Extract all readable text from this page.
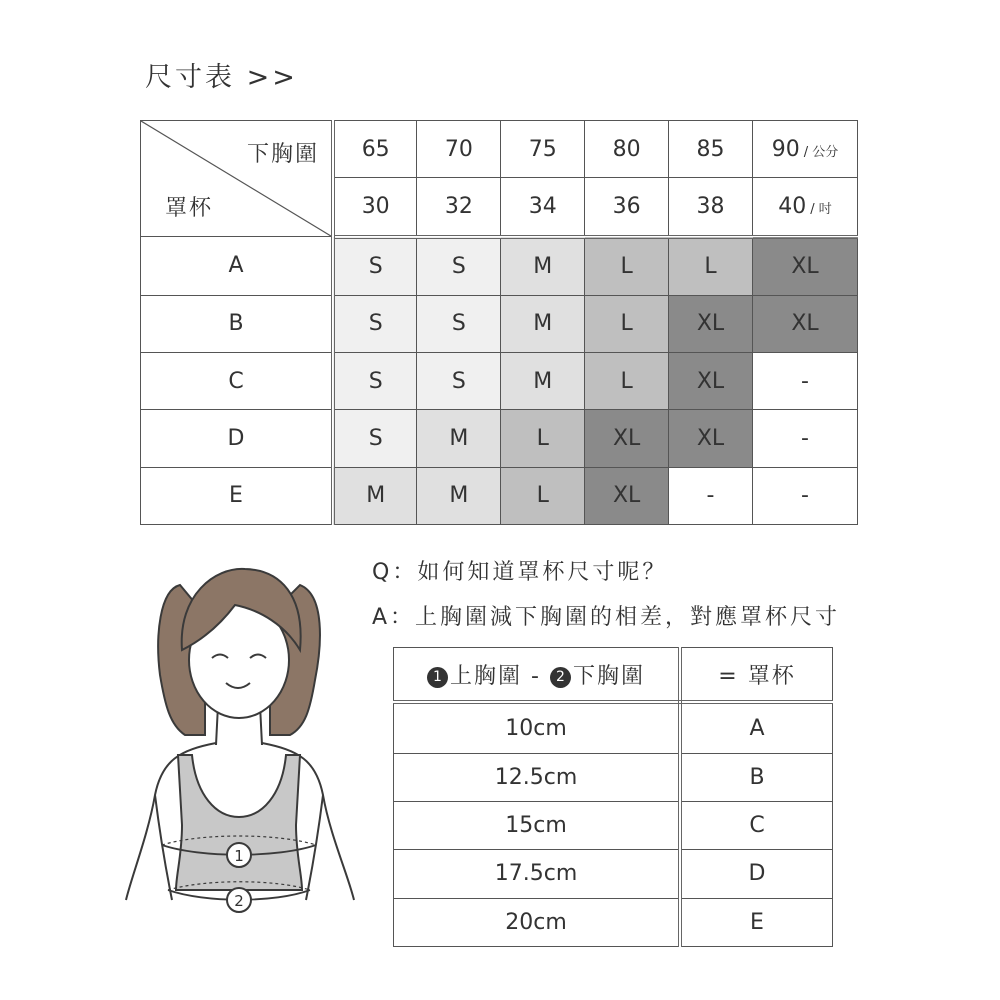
尺寸表 >>
下胸圍
罩杯	65	70	75	80	85	90 / 公分
	30	32	34	36	38	40 / 吋
A	S	S	M	L	L	XL
B	S	S	M	L	XL	XL
C	S	S	M	L	XL	-
D	S	M	L	XL	XL	-
E	M	M	L	XL	-	-
Q：如何知道罩杯尺寸呢？
A：上胸圍減下胸圍的相差，對應罩杯尺寸
1
2
1 上胸圍 - 2 下胸圍	= 罩杯
10cm	A
12.5cm	B
15cm	C
17.5cm	D
20cm	E
